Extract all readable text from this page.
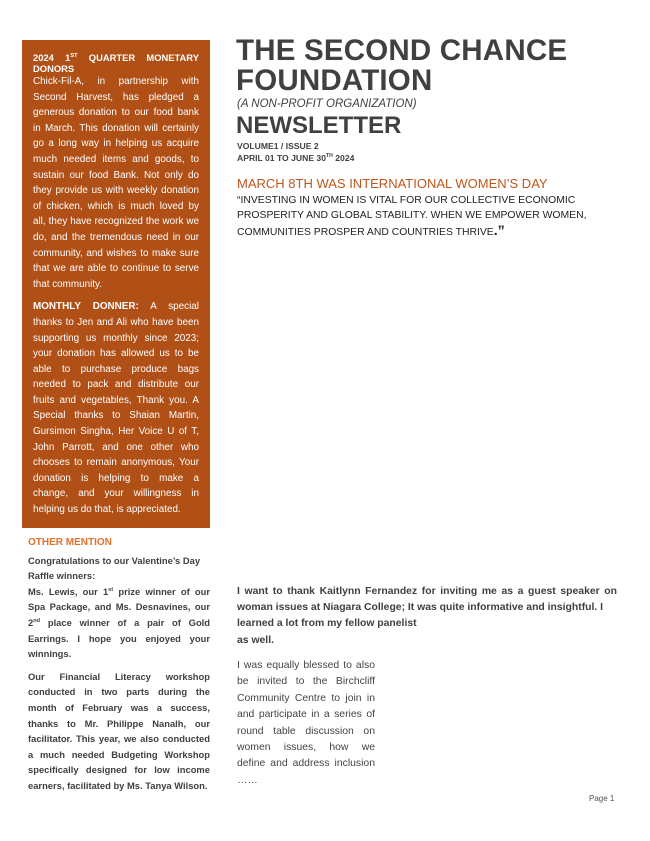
2024 1ST QUARTER MONETARY DONORS

Chick-Fil-A, in partnership with Second Harvest, has pledged a generous donation to our food bank in March. This donation will certainly go a long way in helping us acquire much needed items and goods, to sustain our food Bank. Not only do they provide us with weekly donation of chicken, which is much loved by all, they have recognized the work we do, and the tremendous need in our community, and wishes to make sure that we are able to continue to serve that community.

MONTHLY DONNER: A special thanks to Jen and Ali who have been supporting us monthly since 2023; your donation has allowed us to be able to purchase produce bags needed to pack and distribute our fruits and vegetables, Thank you. A Special thanks to Shaian Martin, Gursimon Singha, Her Voice U of T, John Parrott, and one other who chooses to remain anonymous, Your donation is helping to make a change, and your willingness in helping us do that, is appreciated.

THE SECOND CHANCE FOUNDATION
(A NON-PROFIT ORGANIZATION)
NEWSLETTER
VOLUME1 / ISSUE 2
APRIL 01 TO JUNE 30TH 2024
MARCH 8TH WAS INTERNATIONAL WOMEN’S DAY
“INVESTING IN WOMEN IS VITAL FOR OUR COLLECTIVE ECONOMIC PROSPERITY AND GLOBAL STABILITY. WHEN WE EMPOWER WOMEN, COMMUNITIES PROSPER AND COUNTRIES THRIVE.”
OTHER MENTION

Congratulations to our Valentine’s Day Raffle winners:

Ms. Lewis, our 1st prize winner of our Spa Package, and Ms. Desnavines, our 2nd place winner of a pair of Gold Earrings. I hope you enjoyed your winnings.

Our Financial Literacy workshop conducted in two parts during the month of February was a success, thanks to Mr. Philippe Nanalh, our facilitator. This year, we also conducted a much needed Budgeting Workshop specifically designed for low income earners, facilitated by Ms. Tanya Wilson.

I want to thank Kaitlynn Fernandez for inviting me as a guest speaker on woman issues at Niagara College; It was quite informative and insightful. I
learned a lot from my fellow panelist as well.
I was equally blessed to also be invited to the Birchcliff Community Centre to join in and participate in a series of round table discussion on women issues, how we define and address inclusion ……
Page 1
